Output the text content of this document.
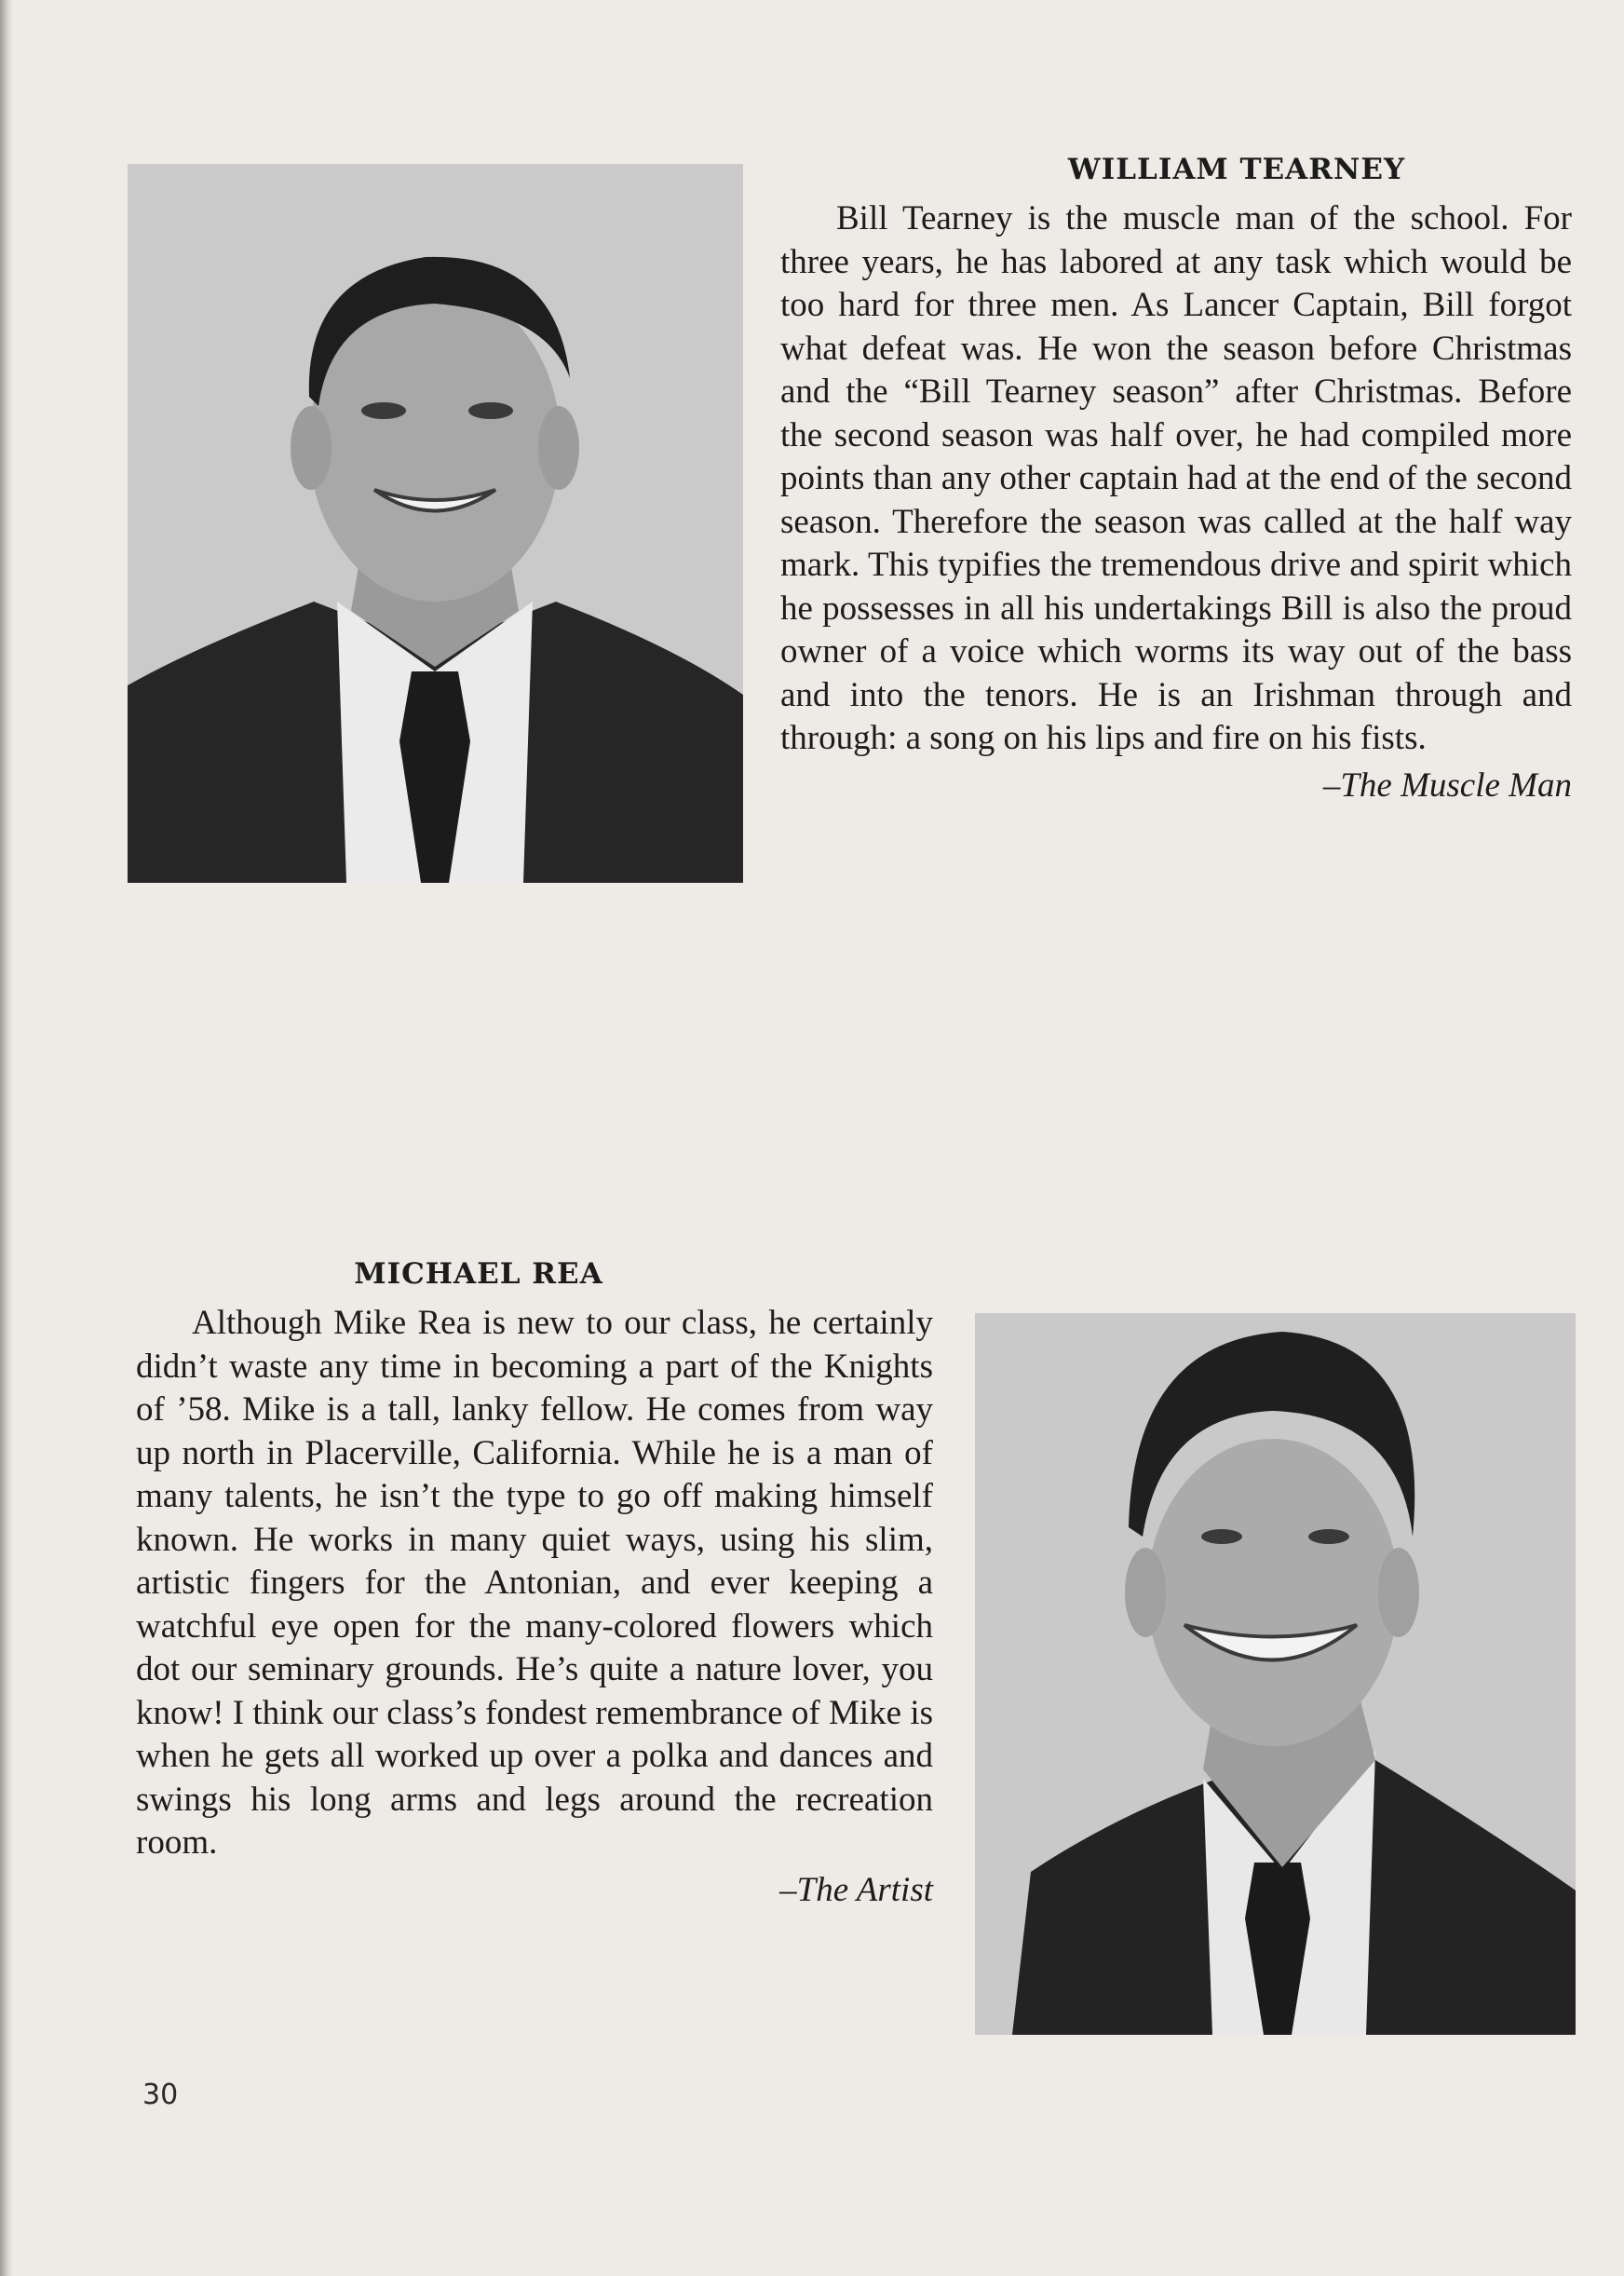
WILLIAM TEARNEY

Bill Tearney is the muscle man of the school. For three years, he has labored at any task which would be too hard for three men. As Lancer Captain, Bill forgot what defeat was. He won the season before Christmas and the “Bill Tearney season” after Christmas. Before the second season was half over, he had compiled more points than any other captain had at the end of the second season. Therefore the season was called at the half way mark. This typifies the tremendous drive and spirit which he possesses in all his undertakings Bill is also the proud owner of a voice which worms its way out of the bass and into the tenors. He is an Irishman through and through: a song on his lips and fire on his fists.

–The Muscle Man
MICHAEL REA

Although Mike Rea is new to our class, he certainly didn’t waste any time in becoming a part of the Knights of ’58. Mike is a tall, lanky fellow. He comes from way up north in Placerville, California. While he is a man of many talents, he isn’t the type to go off making himself known. He works in many quiet ways, using his slim, artistic fingers for the Antonian, and ever keeping a watchful eye open for the many-colored flowers which dot our seminary grounds. He’s quite a nature lover, you know! I think our class’s fondest remembrance of Mike is when he gets all worked up over a polka and dances and swings his long arms and legs around the recreation room.

–The Artist
30
